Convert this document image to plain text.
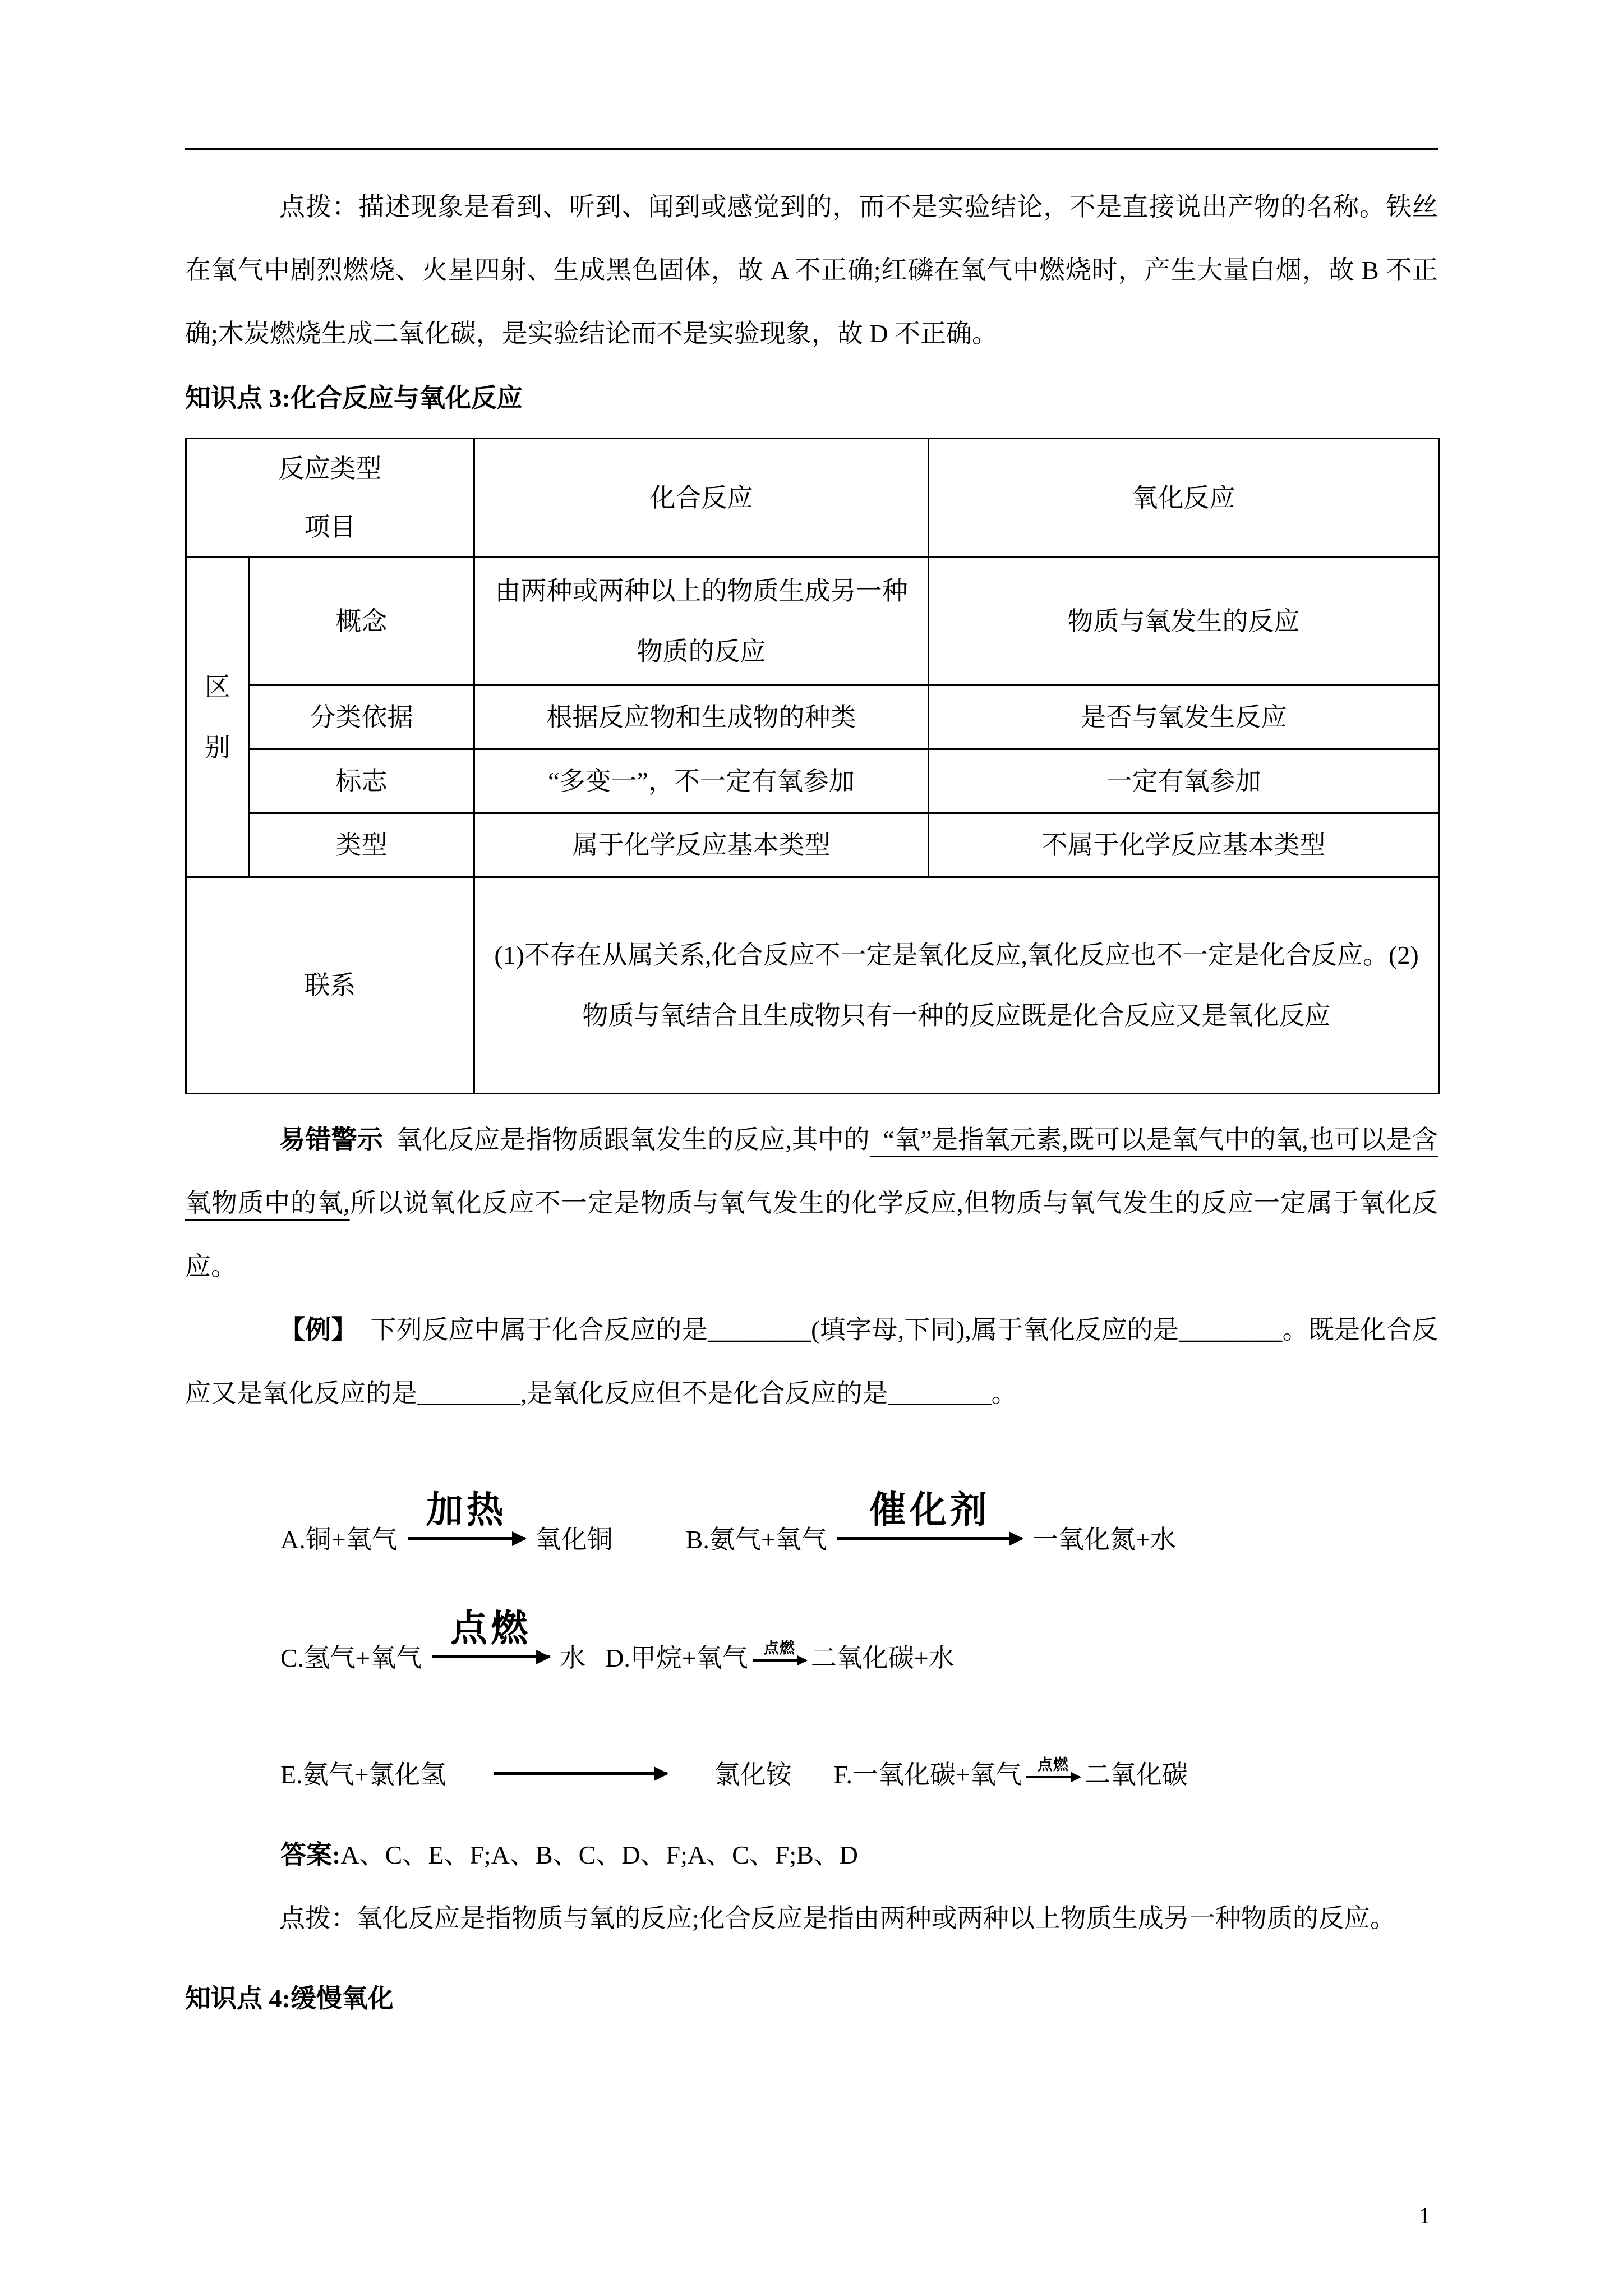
点拨：描述现象是看到、听到、闻到或感觉到的，而不是实验结论，不是直接说出产物的名称。铁丝在氧气中剧烈燃烧、火星四射、生成黑色固体，故 A 不正确;红磷在氧气中燃烧时，产生大量白烟，故 B 不正确;木炭燃烧生成二氧化碳，是实验结论而不是实验现象，故 D 不正确。

知识点 3:化合反应与氧化反应
反应类型
项目		化合反应	氧化反应
区别	概念	由两种或两种以上的物质生成另一种物质的反应	物质与氧发生的反应
	分类依据	根据反应物和生成物的种类	是否与氧发生反应
	标志	“多变一”，不一定有氧参加	一定有氧参加
	类型	属于化学反应基本类型	不属于化学反应基本类型
联系		(1)不存在从属关系,化合反应不一定是氧化反应,氧化反应也不一定是化合反应。(2)物质与氧结合且生成物只有一种的反应既是化合反应又是氧化反应	

易错警示  氧化反应是指物质跟氧发生的反应,其中的  “氧”是指氧元素,既可以是氧气中的氧,也可以是含氧物质中的氧,所以说氧化反应不一定是物质与氧气发生的化学反应,但物质与氧气发生的反应一定属于氧化反应。

【例】  下列反应中属于化合反应的是________(填字母,下同),属于氧化反应的是________。既是化合反应又是氧化反应的是________,是氧化反应但不是化合反应的是________。

A.铜+氧气
加热
氧化铜	B.氨气+氧气
催化剂
一氧化氮+水
C.氢气+氧气
点燃
水 D.甲烷+氧气 点燃 二氧化碳+水
E.氨气+氯化氢	氯化铵 F.一氧化碳+氧气 点燃 二氧化碳

答案:A、C、E、F;A、B、C、D、F;A、C、F;B、D

点拨：氧化反应是指物质与氧的反应;化合反应是指由两种或两种以上物质生成另一种物质的反应。

知识点 4:缓慢氧化
1
